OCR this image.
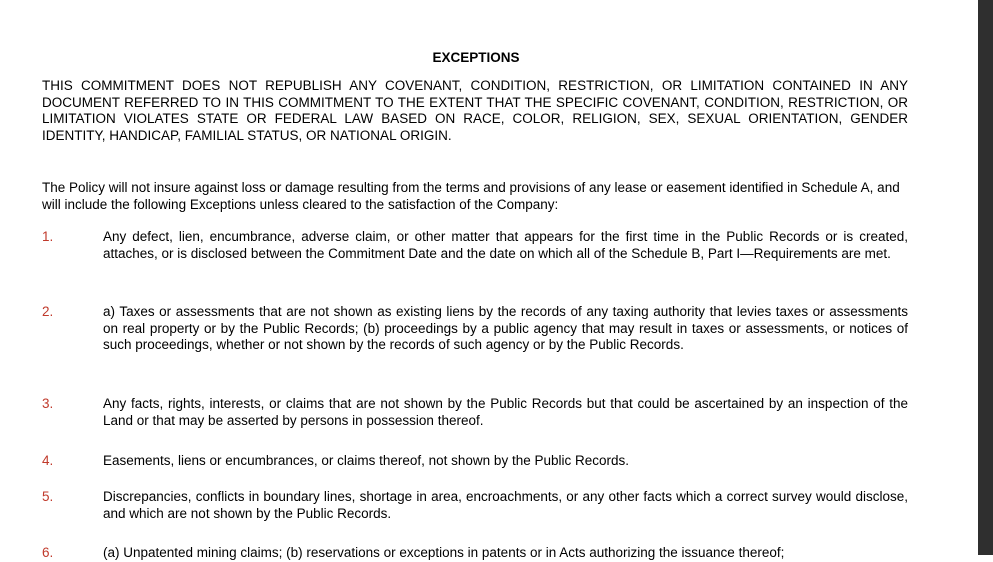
EXCEPTIONS
THIS COMMITMENT DOES NOT REPUBLISH ANY COVENANT, CONDITION, RESTRICTION, OR LIMITATION CONTAINED IN ANY DOCUMENT REFERRED TO IN THIS COMMITMENT TO THE EXTENT THAT THE SPECIFIC COVENANT, CONDITION, RESTRICTION, OR LIMITATION VIOLATES STATE OR FEDERAL LAW BASED ON RACE, COLOR, RELIGION, SEX, SEXUAL ORIENTATION, GENDER IDENTITY, HANDICAP, FAMILIAL STATUS, OR NATIONAL ORIGIN.
The Policy will not insure against loss or damage resulting from the terms and provisions of any lease or easement identified in Schedule A, and will include the following Exceptions unless cleared to the satisfaction of the Company:
1.	Any defect, lien, encumbrance, adverse claim, or other matter that appears for the first time in the Public Records or is created, attaches, or is disclosed between the Commitment Date and the date on which all of the Schedule B, Part I—Requirements are met.
2.	a) Taxes or assessments that are not shown as existing liens by the records of any taxing authority that levies taxes or assessments on real property or by the Public Records; (b) proceedings by a public agency that may result in taxes or assessments, or notices of such proceedings, whether or not shown by the records of such agency or by the Public Records.
3.	Any facts, rights, interests, or claims that are not shown by the Public Records but that could be ascertained by an inspection of the Land or that may be asserted by persons in possession thereof.
4.	Easements, liens or encumbrances, or claims thereof, not shown by the Public Records.
5.	Discrepancies, conflicts in boundary lines, shortage in area, encroachments, or any other facts which a correct survey would disclose, and which are not shown by the Public Records.
6.	(a) Unpatented mining claims; (b) reservations or exceptions in patents or in Acts authorizing the issuance thereof;
